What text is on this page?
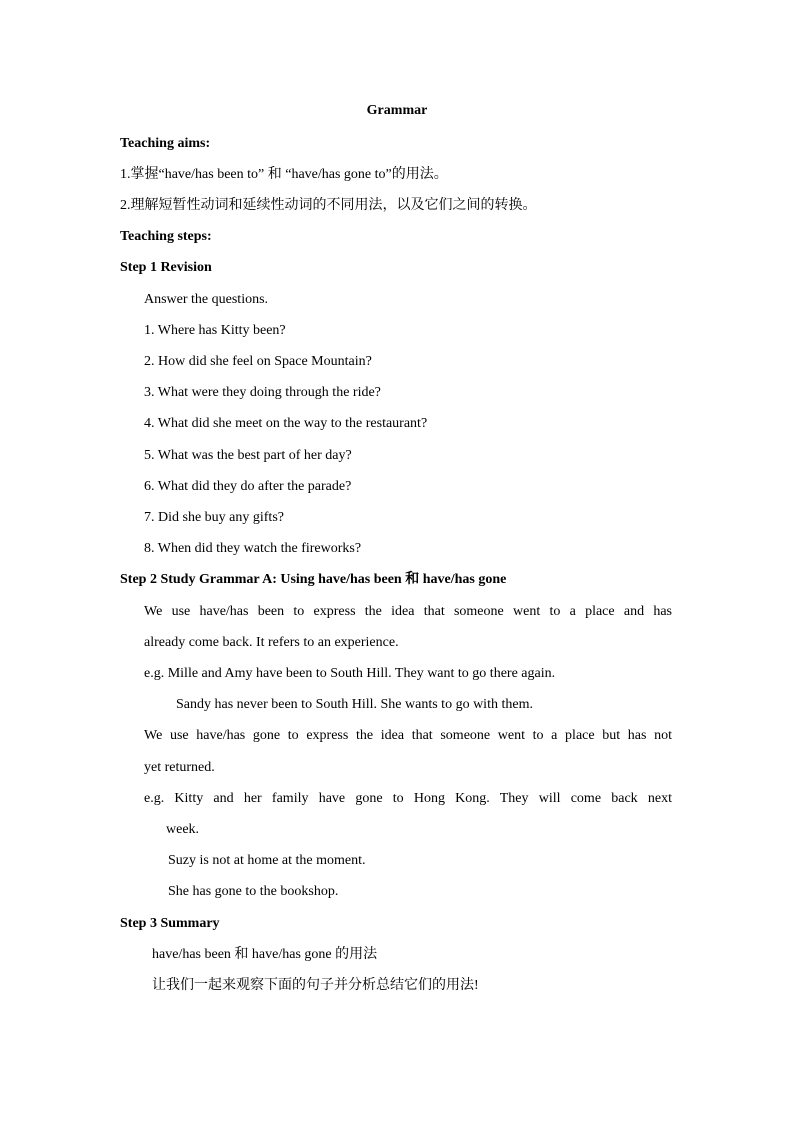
Grammar
Teaching aims:
1.掌握“have/has been to” 和 “have/has gone to”的用法。
2.理解短暂性动词和延续性动词的不同用法，以及它们之间的转换。
Teaching steps:
Step 1 Revision
Answer the questions.
1. Where has Kitty been?
2. How did she feel on Space Mountain?
3. What were they doing through the ride?
4. What did she meet on the way to the restaurant?
5. What was the best part of her day?
6. What did they do after the parade?
7. Did she buy any gifts?
8. When did they watch the fireworks?
Step 2 Study Grammar A: Using have/has been 和 have/has gone
We use have/has been to express the idea that someone went to a place and has
already come back. It refers to an experience.
e.g. Mille and Amy have been to South Hill. They want to go there again.
Sandy has never been to South Hill. She wants to go with them.
We use have/has gone to express the idea that someone went to a place but has not
yet returned.
e.g. Kitty and her family have gone to Hong Kong. They will come back next
week.
Suzy is not at home at the moment.
She has gone to the bookshop.
Step 3 Summary
have/has been 和 have/has gone 的用法
让我们一起来观察下面的句子并分析总结它们的用法!
